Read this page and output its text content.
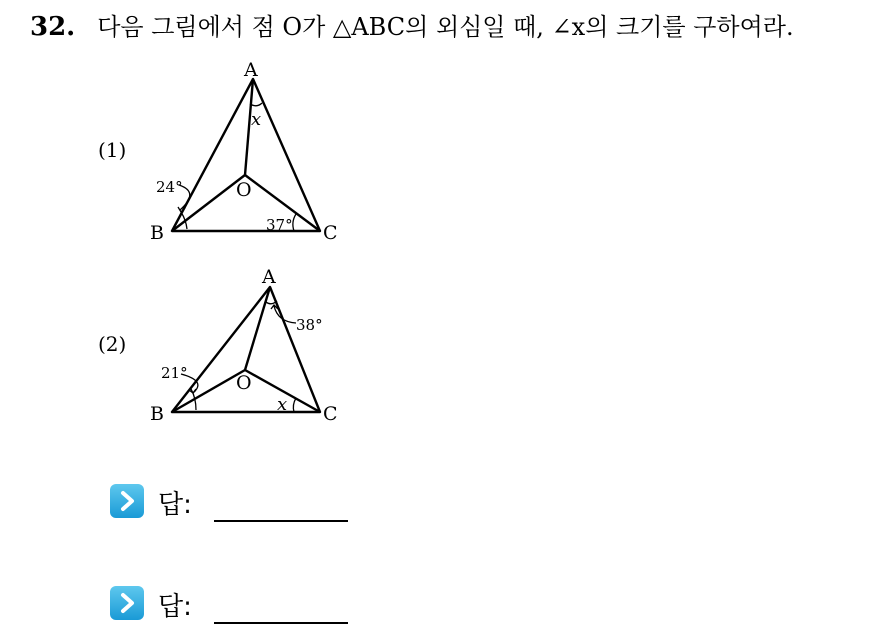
32. 다음 그림에서 점 O가 △ABC의 외심일 때, ∠x의 크기를 구하여라.
(1)
A
B	C
O
x
24°
37°
(2)
A
B	C
O
38°
21°
x
답:
답:
